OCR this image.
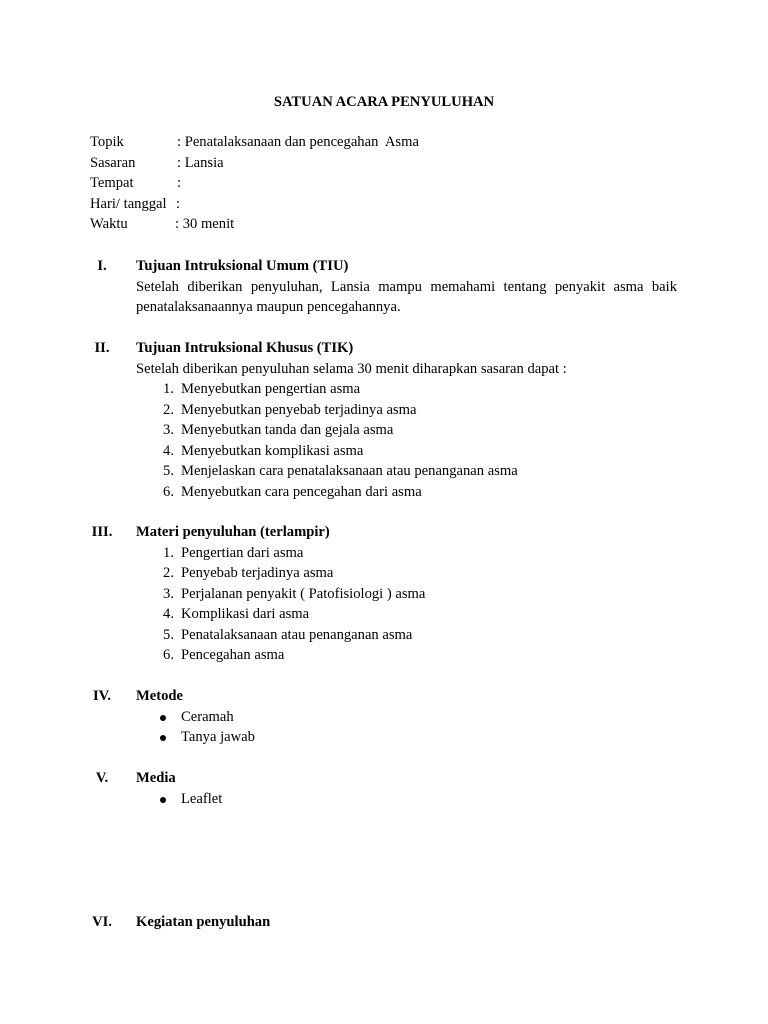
SATUAN ACARA PENYULUHAN
Topik	: Penatalaksanaan dan pencegahan  Asma
Sasaran	: Lansia
Tempat	:
Hari/ tanggal :
Waktu	: 30 menit
I.	Tujuan Intruksional Umum (TIU)
Setelah diberikan penyuluhan, Lansia mampu memahami tentang penyakit asma baik penatalaksanaannya maupun pencegahannya.
II.	Tujuan Intruksional Khusus (TIK)
Setelah diberikan penyuluhan selama 30 menit diharapkan sasaran dapat :
1. Menyebutkan pengertian asma
2. Menyebutkan penyebab terjadinya asma
3. Menyebutkan tanda dan gejala asma
4. Menyebutkan komplikasi asma
5. Menjelaskan cara penatalaksanaan atau penanganan asma
6. Menyebutkan cara pencegahan dari asma
III. Materi penyuluhan (terlampir)
1. Pengertian dari asma
2. Penyebab terjadinya asma
3. Perjalanan penyakit ( Patofisiologi ) asma
4. Komplikasi dari asma
5. Penatalaksanaan atau penanganan asma
6. Pencegahan asma
IV. Metode
Ceramah
Tanya jawab
V.	Media
Leaflet
VI. Kegiatan penyuluhan
